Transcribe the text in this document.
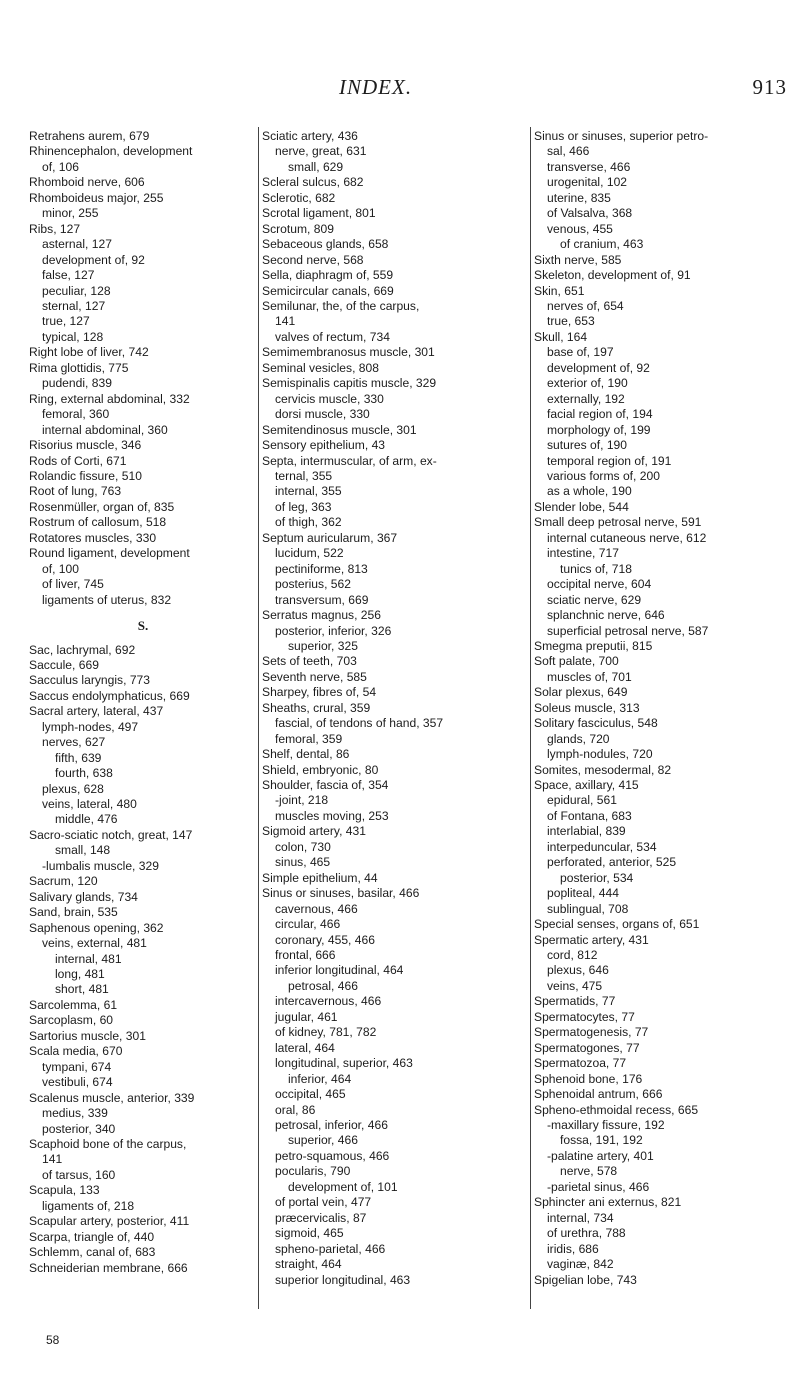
INDEX.	913
Retrahens aurem, 679
Rhinencephalon, development
of, 106
Rhomboid nerve, 606
Rhomboideus major, 255
minor, 255
Ribs, 127
asternal, 127
development of, 92
false, 127
peculiar, 128
sternal, 127
true, 127
typical, 128
Right lobe of liver, 742
Rima glottidis, 775
pudendi, 839
Ring, external abdominal, 332
femoral, 360
internal abdominal, 360
Risorius muscle, 346
Rods of Corti, 671
Rolandic fissure, 510
Root of lung, 763
Rosenmüller, organ of, 835
Rostrum of callosum, 518
Rotatores muscles, 330
Round ligament, development
of, 100
of liver, 745
ligaments of uterus, 832
S.
Sac, lachrymal, 692
Saccule, 669
Sacculus laryngis, 773
Saccus endolymphaticus, 669
Sacral artery, lateral, 437
lymph-nodes, 497
nerves, 627
fifth, 639
fourth, 638
plexus, 628
veins, lateral, 480
middle, 476
Sacro-sciatic notch, great, 147
small, 148
-lumbalis muscle, 329
Sacrum, 120
Salivary glands, 734
Sand, brain, 535
Saphenous opening, 362
veins, external, 481
internal, 481
long, 481
short, 481
Sarcolemma, 61
Sarcoplasm, 60
Sartorius muscle, 301
Scala media, 670
tympani, 674
vestibuli, 674
Scalenus muscle, anterior, 339
medius, 339
posterior, 340
Scaphoid bone of the carpus,
141
of tarsus, 160
Scapula, 133
ligaments of, 218
Scapular artery, posterior, 411
Scarpa, triangle of, 440
Schlemm, canal of, 683
Schneiderian membrane, 666
Sciatic artery, 436
nerve, great, 631
small, 629
Scleral sulcus, 682
Sclerotic, 682
Scrotal ligament, 801
Scrotum, 809
Sebaceous glands, 658
Second nerve, 568
Sella, diaphragm of, 559
Semicircular canals, 669
Semilunar, the, of the carpus,
141
valves of rectum, 734
Semimembranosus muscle, 301
Seminal vesicles, 808
Semispinalis capitis muscle, 329
cervicis muscle, 330
dorsi muscle, 330
Semitendinosus muscle, 301
Sensory epithelium, 43
Septa, intermuscular, of arm, ex-
ternal, 355
internal, 355
of leg, 363
of thigh, 362
Septum auricularum, 367
lucidum, 522
pectiniforme, 813
posterius, 562
transversum, 669
Serratus magnus, 256
posterior, inferior, 326
superior, 325
Sets of teeth, 703
Seventh nerve, 585
Sharpey, fibres of, 54
Sheaths, crural, 359
fascial, of tendons of hand, 357
femoral, 359
Shelf, dental, 86
Shield, embryonic, 80
Shoulder, fascia of, 354
-joint, 218
muscles moving, 253
Sigmoid artery, 431
colon, 730
sinus, 465
Simple epithelium, 44
Sinus or sinuses, basilar, 466
cavernous, 466
circular, 466
coronary, 455, 466
frontal, 666
inferior longitudinal, 464
petrosal, 466
intercavernous, 466
jugular, 461
of kidney, 781, 782
lateral, 464
longitudinal, superior, 463
inferior, 464
occipital, 465
oral, 86
petrosal, inferior, 466
superior, 466
petro-squamous, 466
pocularis, 790
development of, 101
of portal vein, 477
præcervicalis, 87
sigmoid, 465
spheno-parietal, 466
straight, 464
superior longitudinal, 463
Sinus or sinuses, superior petro-
sal, 466
transverse, 466
urogenital, 102
uterine, 835
of Valsalva, 368
venous, 455
of cranium, 463
Sixth nerve, 585
Skeleton, development of, 91
Skin, 651
nerves of, 654
true, 653
Skull, 164
base of, 197
development of, 92
exterior of, 190
externally, 192
facial region of, 194
morphology of, 199
sutures of, 190
temporal region of, 191
various forms of, 200
as a whole, 190
Slender lobe, 544
Small deep petrosal nerve, 591
internal cutaneous nerve, 612
intestine, 717
tunics of, 718
occipital nerve, 604
sciatic nerve, 629
splanchnic nerve, 646
superficial petrosal nerve, 587
Smegma preputii, 815
Soft palate, 700
muscles of, 701
Solar plexus, 649
Soleus muscle, 313
Solitary fasciculus, 548
glands, 720
lymph-nodules, 720
Somites, mesodermal, 82
Space, axillary, 415
epidural, 561
of Fontana, 683
interlabial, 839
interpeduncular, 534
perforated, anterior, 525
posterior, 534
popliteal, 444
sublingual, 708
Special senses, organs of, 651
Spermatic artery, 431
cord, 812
plexus, 646
veins, 475
Spermatids, 77
Spermatocytes, 77
Spermatogenesis, 77
Spermatogones, 77
Spermatozoa, 77
Sphenoid bone, 176
Sphenoidal antrum, 666
Spheno-ethmoidal recess, 665
-maxillary fissure, 192
fossa, 191, 192
-palatine artery, 401
nerve, 578
-parietal sinus, 466
Sphincter ani externus, 821
internal, 734
of urethra, 788
iridis, 686
vaginæ, 842
Spigelian lobe, 743
58
